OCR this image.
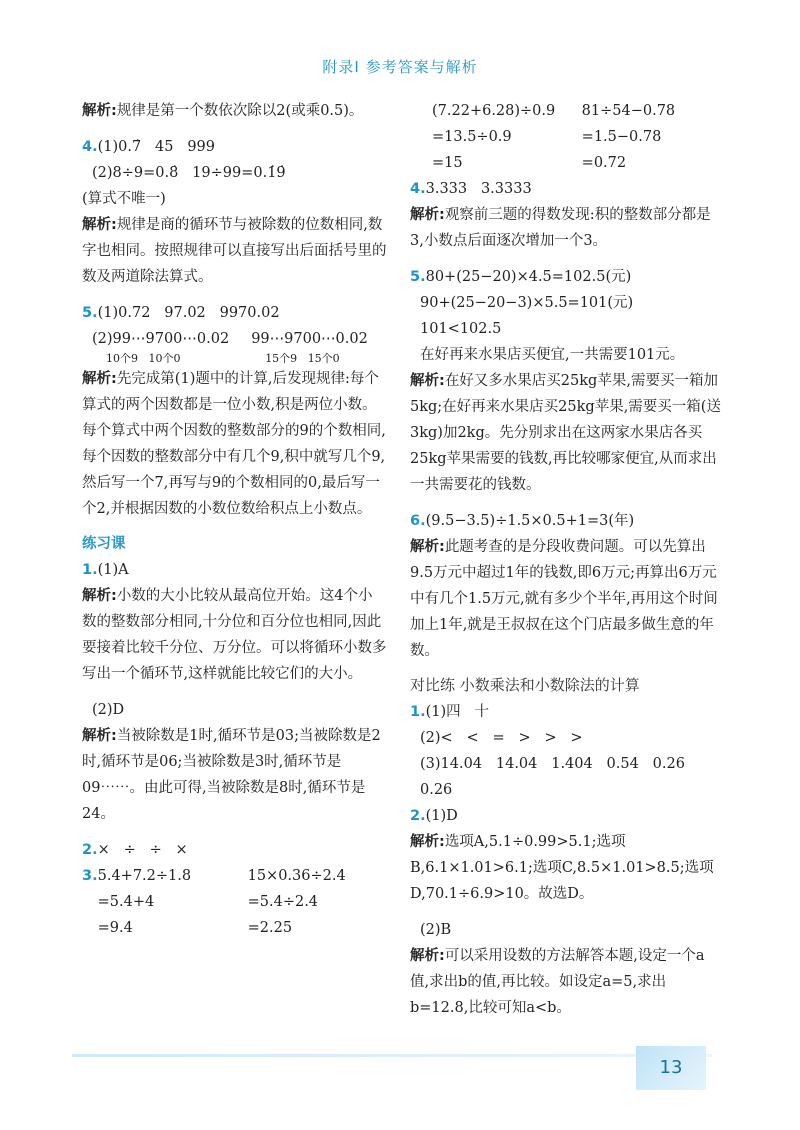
附录Ⅰ 参考答案与解析
解析:规律是第一个数依次除以2(或乘0.5)。
4.(1)0.7̇   45   999
(2)8÷9=0.8̇   19÷99=0.1̇9̇
(算式不唯一)
解析:规律是商的循环节与被除数的位数相同,数字也相同。按照规律可以直接写出后面括号里的数及两道除法算式。
5.(1)0.72   97.02   9970.02
(2)99⋯9700⋯0.02
10个9 10个0
99⋯9700⋯0.02
15个9 15个0
解析:先完成第(1)题中的计算,后发现规律:每个算式的两个因数都是一位小数,积是两位小数。每个算式中两个因数的整数部分的9的个数相同,每个因数的整数部分中有几个9,积中就写几个9,然后写一个7,再写与9的个数相同的0,最后写一个2,并根据因数的小数位数给积点上小数点。
练习课
1.(1)A
解析:小数的大小比较从最高位开始。这4个小数的整数部分相同,十分位和百分位也相同,因此要接着比较千分位、万分位。可以将循环小数多写出一个循环节,这样就能比较它们的大小。
(2)D
解析:当被除数是1时,循环节是03;当被除数是2时,循环节是06;当被除数是3时,循环节是09⋯⋯。由此可得,当被除数是8时,循环节是24。
2.×   ÷   ÷   ×
3. 5.4+7.2÷1.8
=5.4+4
=9.4
15×0.36÷2.4
=5.4÷2.4
=2.25
(7.22+6.28)÷0.9
=13.5÷0.9
=15
81÷54−0.78
=1.5−0.78
=0.72
4.3.333   3.3333
解析:观察前三题的得数发现:积的整数部分都是3,小数点后面逐次增加一个3。
5.80+(25−20)×4.5=102.5(元)
90+(25−20−3)×5.5=101(元)
101<102.5
在好再来水果店买便宜,一共需要101元。
解析:在好又多水果店买25kg苹果,需要买一箱加5kg;在好再来水果店买25kg苹果,需要买一箱(送3kg)加2kg。先分别求出在这两家水果店各买25kg苹果需要的钱数,再比较哪家便宜,从而求出一共需要花的钱数。
6.(9.5−3.5)÷1.5×0.5+1=3(年)
解析:此题考查的是分段收费问题。可以先算出9.5万元中超过1年的钱数,即6万元;再算出6万元中有几个1.5万元,就有多少个半年,再用这个时间加上1年,就是王叔叔在这个门店最多做生意的年数。
对比练 小数乘法和小数除法的计算
1.(1)四   十
(2)<   <   =   >   >   >
(3)14.04   14.04   1.404   0.54   0.26
0.26
2.(1)D
解析:选项A,5.1÷0.99>5.1;选项B,6.1×1.01>6.1;选项C,8.5×1.01>8.5;选项D,70.1÷6.9>10。故选D。
(2)B
解析:可以采用设数的方法解答本题,设定一个a值,求出b的值,再比较。如设定a=5,求出b=12.8,比较可知a<b。
13
